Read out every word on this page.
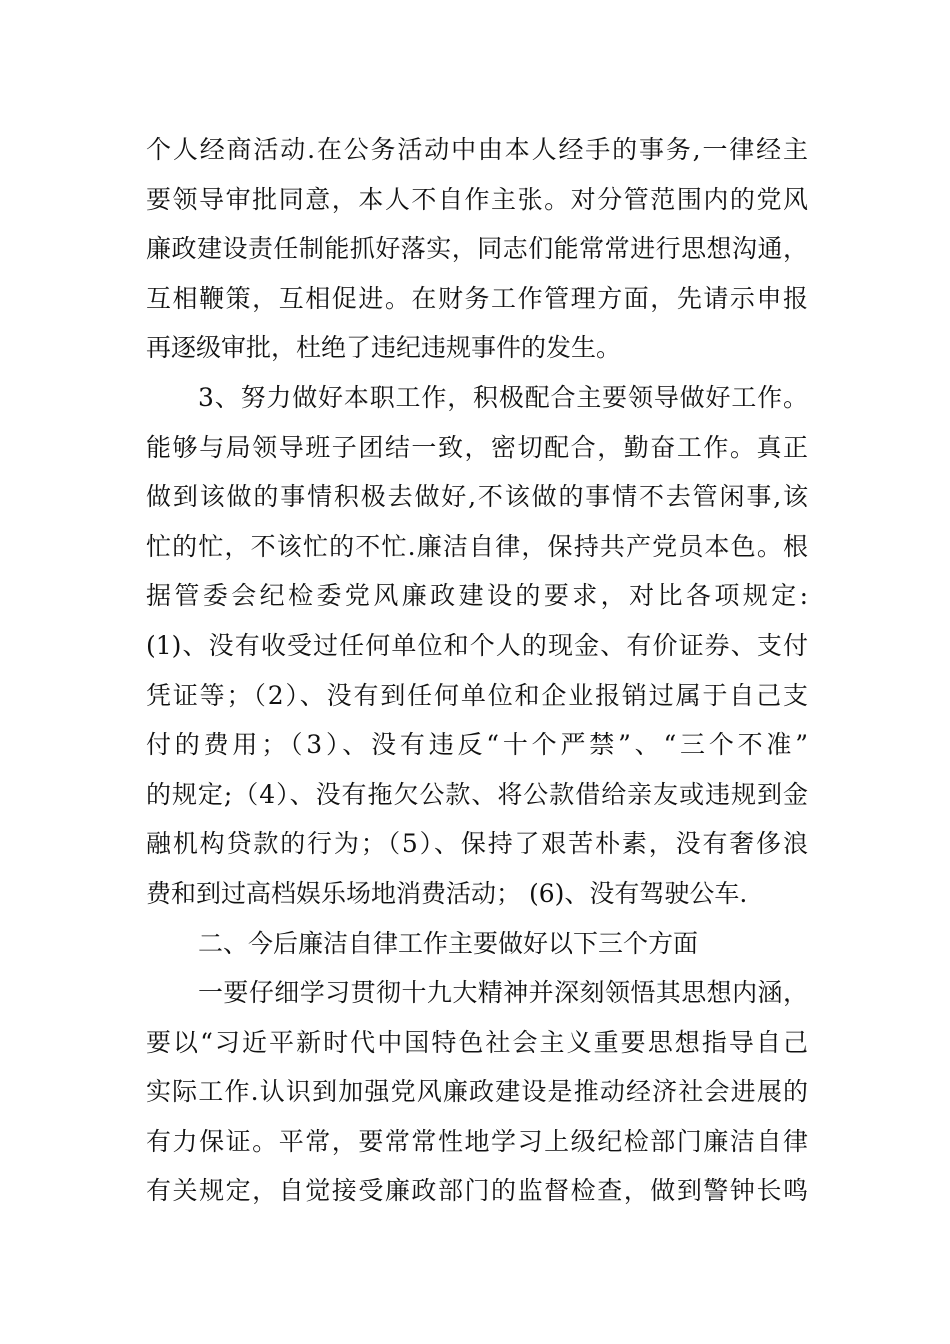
个人经商活动.在公务活动中由本人经手的事务,一律经主
要领导审批同意，本人不自作主张。对分管范围内的党风
廉政建设责任制能抓好落实，同志们能常常进行思想沟通，
互相鞭策，互相促进。在财务工作管理方面，先请示申报
再逐级审批，杜绝了违纪违规事件的发生。
3、努力做好本职工作，积极配合主要领导做好工作。
能够与局领导班子团结一致，密切配合，勤奋工作。真正
做到该做的事情积极去做好,不该做的事情不去管闲事,该
忙的忙，不该忙的不忙.廉洁自律，保持共产党员本色。根
据管委会纪检委党风廉政建设的要求，对比各项规定:
(1)、没有收受过任何单位和个人的现金、有价证券、支付
凭证等；（2）、没有到任何单位和企业报销过属于自己支
付的费用；（3）、没有违反“十个严禁”、“三个不准”
的规定;（4）、没有拖欠公款、将公款借给亲友或违规到金
融机构贷款的行为；（5）、保持了艰苦朴素，没有奢侈浪
费和到过高档娱乐场地消费活动； (6)、没有驾驶公车.
二、今后廉洁自律工作主要做好以下三个方面
一要仔细学习贯彻十九大精神并深刻领悟其思想内涵，
要以“习近平新时代中国特色社会主义重要思想指导自己
实际工作.认识到加强党风廉政建设是推动经济社会进展的
有力保证。平常，要常常性地学习上级纪检部门廉洁自律
有关规定，自觉接受廉政部门的监督检查，做到警钟长鸣
